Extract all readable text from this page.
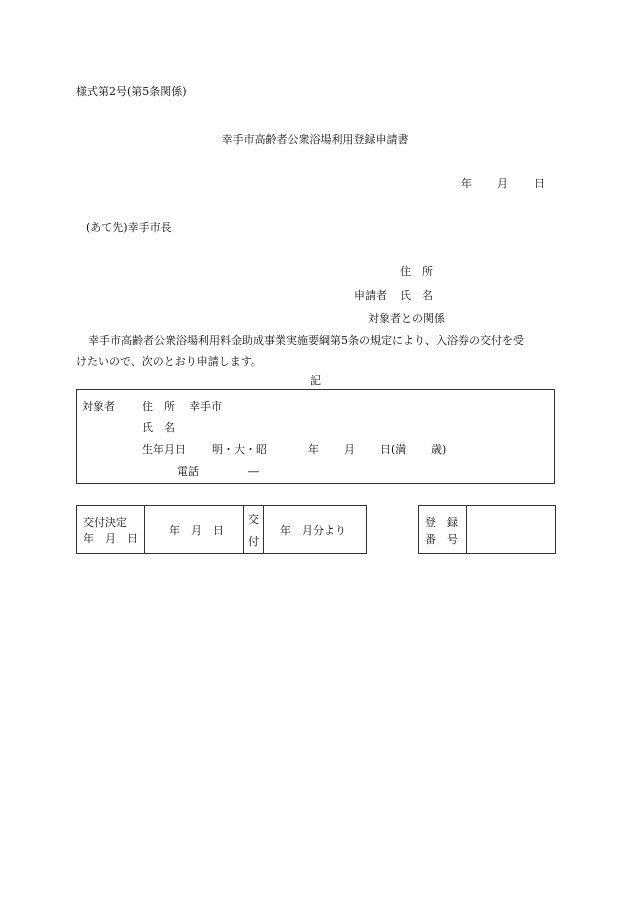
様式第2号(第5条関係)
幸手市高齢者公衆浴場利用登録申請書
年 月 日
(あて先)幸手市長
住　所
申請者 氏　名
対象者との関係
幸手市高齢者公衆浴場利用料金助成事業実施要綱第5条の規定により、入浴券の交付を受
けたいので、次のとおり申請します。
記
対象者 住　所 幸手市
氏　名
生年月日 明・大・昭	年 月 日(満 歳)
電話	―
交付決定
年　月　日
年　月　日
交
付
年　月分より
登　録
番　号
